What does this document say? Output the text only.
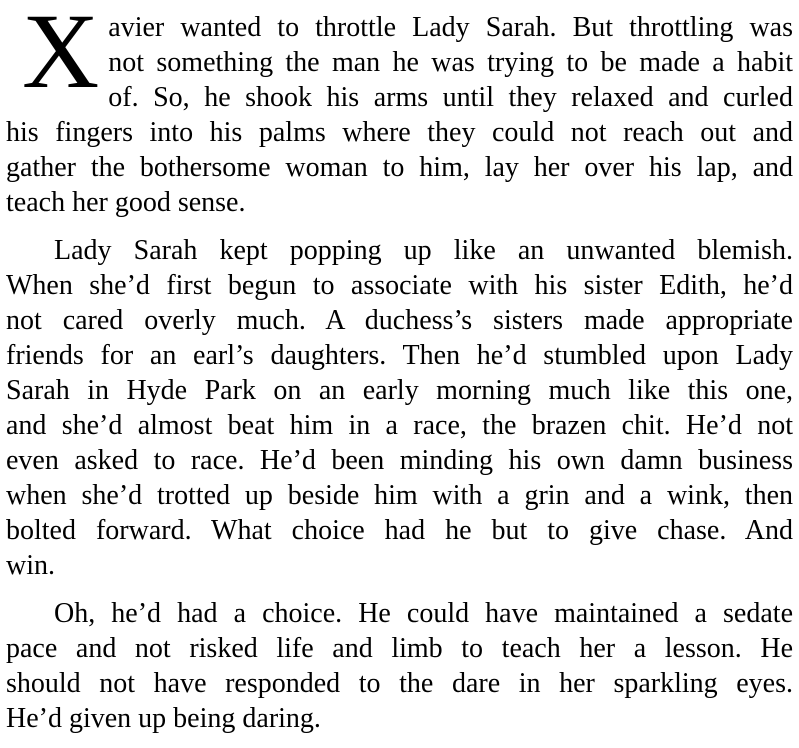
X avier wanted to throttle Lady Sarah. But throttling was
not something the man he was trying to be made a habit
of. So, he shook his arms until they relaxed and curled
his fingers into his palms where they could not reach out and
gather the bothersome woman to him, lay her over his lap, and
teach her good sense.
Lady Sarah kept popping up like an unwanted blemish.
When she’d first begun to associate with his sister Edith, he’d
not cared overly much. A duchess’s sisters made appropriate
friends for an earl’s daughters. Then he’d stumbled upon Lady
Sarah in Hyde Park on an early morning much like this one,
and she’d almost beat him in a race, the brazen chit. He’d not
even asked to race. He’d been minding his own damn business
when she’d trotted up beside him with a grin and a wink, then
bolted forward. What choice had he but to give chase. And
win.
Oh, he’d had a choice. He could have maintained a sedate
pace and not risked life and limb to teach her a lesson. He
should not have responded to the dare in her sparkling eyes.
He’d given up being daring.
